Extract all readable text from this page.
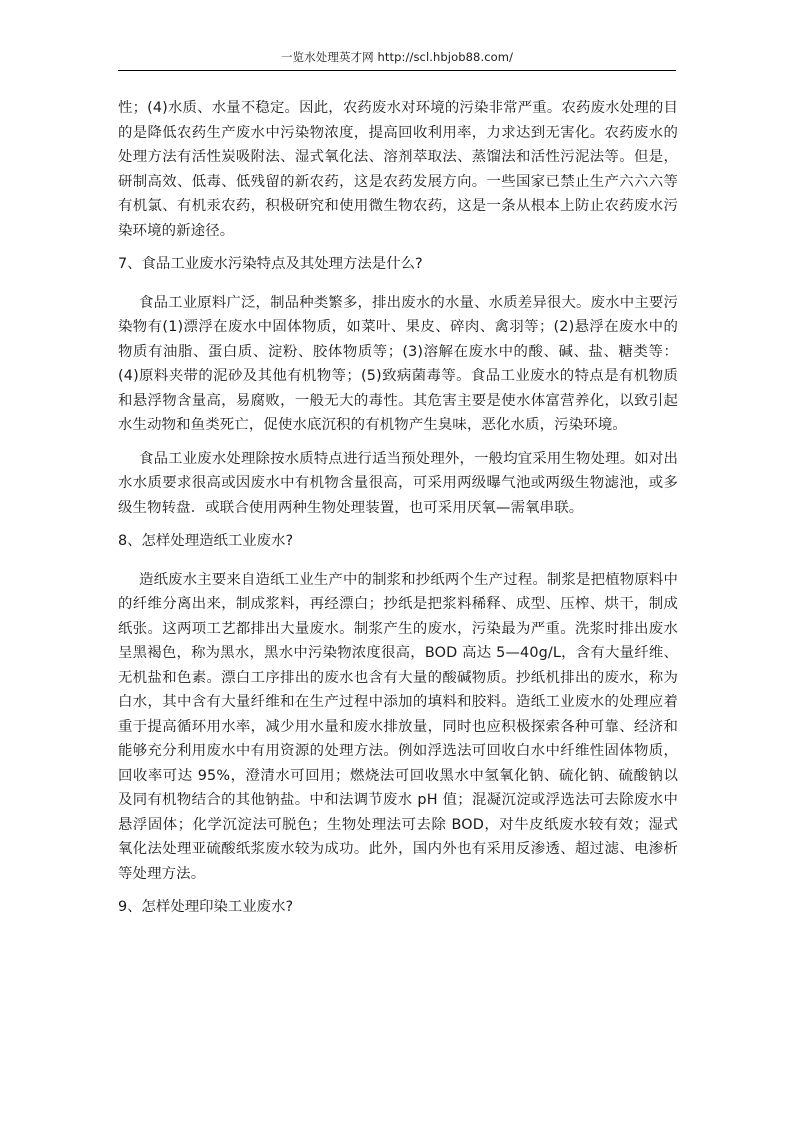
一览水处理英才网 http://scl.hbjob88.com/

性；(4)水质、水量不稳定。因此，农药废水对环境的污染非常严重。农药废水处理的目的是降低农药生产废水中污染物浓度，提高回收利用率，力求达到无害化。农药废水的处理方法有活性炭吸附法、湿式氧化法、溶剂萃取法、蒸馏法和活性污泥法等。但是，研制高效、低毒、低残留的新农药，这是农药发展方向。一些国家已禁止生产六六六等有机氯、有机汞农药，积极研究和使用微生物农药，这是一条从根本上防止农药废水污染环境的新途径。

7、食品工业废水污染特点及其处理方法是什么?

食品工业原料广泛，制品种类繁多，排出废水的水量、水质差异很大。废水中主要污染物有(1)漂浮在废水中固体物质，如菜叶、果皮、碎肉、禽羽等；(2)悬浮在废水中的物质有油脂、蛋白质、淀粉、胶体物质等；(3)溶解在废水中的酸、碱、盐、糖类等：(4)原料夹带的泥砂及其他有机物等；(5)致病菌毒等。食品工业废水的特点是有机物质和悬浮物含量高，易腐败，一般无大的毒性。其危害主要是使水体富营养化，以致引起水生动物和鱼类死亡，促使水底沉积的有机物产生臭味，恶化水质，污染环境。

食品工业废水处理除按水质特点进行适当预处理外，一般均宜采用生物处理。如对出水水质要求很高或因废水中有机物含量很高，可采用两级曝气池或两级生物滤池，或多级生物转盘．或联合使用两种生物处理装置，也可采用厌氧—需氧串联。

8、怎样处理造纸工业废水?

造纸废水主要来自造纸工业生产中的制浆和抄纸两个生产过程。制浆是把植物原料中的纤维分离出来，制成浆料，再经漂白；抄纸是把浆料稀释、成型、压榨、烘干，制成纸张。这两项工艺都排出大量废水。制浆产生的废水，污染最为严重。洗浆时排出废水呈黑褐色，称为黑水，黑水中污染物浓度很高，BOD 高达 5—40g/L，含有大量纤维、无机盐和色素。漂白工序排出的废水也含有大量的酸碱物质。抄纸机排出的废水，称为白水，其中含有大量纤维和在生产过程中添加的填料和胶料。造纸工业废水的处理应着重于提高循环用水率，减少用水量和废水排放量，同时也应积极探索各种可靠、经济和能够充分利用废水中有用资源的处理方法。例如浮选法可回收白水中纤维性固体物质，回收率可达 95%，澄清水可回用；燃烧法可回收黑水中氢氧化钠、硫化钠、硫酸钠以及同有机物结合的其他钠盐。中和法调节废水 pH 值；混凝沉淀或浮选法可去除废水中悬浮固体；化学沉淀法可脱色；生物处理法可去除 BOD，对牛皮纸废水较有效；湿式氧化法处理亚硫酸纸浆废水较为成功。此外，国内外也有采用反渗透、超过滤、电渗析等处理方法。

9、怎样处理印染工业废水?
